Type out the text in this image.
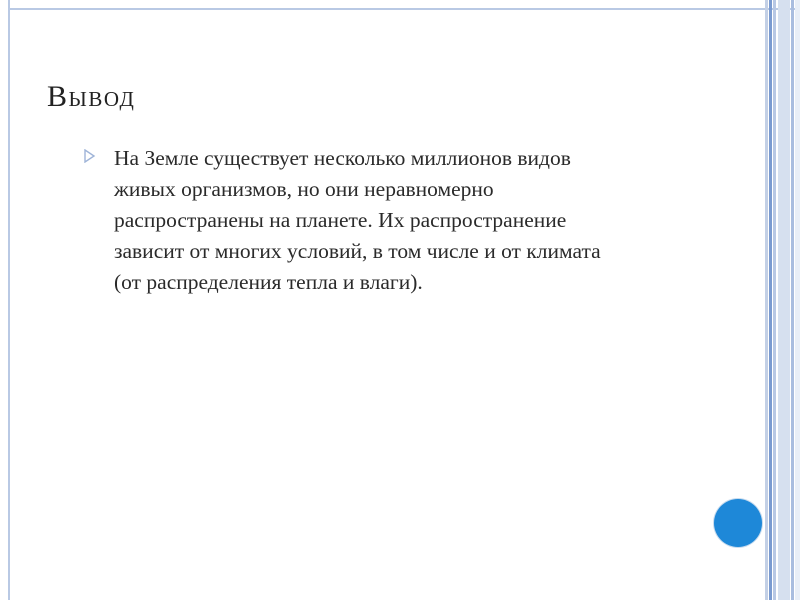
Вывод
На Земле существует несколько миллионов видов
живых организмов, но они неравномерно
распространены на планете. Их распространение
зависит от многих условий, в том числе и от климата
(от распределения тепла и влаги).
